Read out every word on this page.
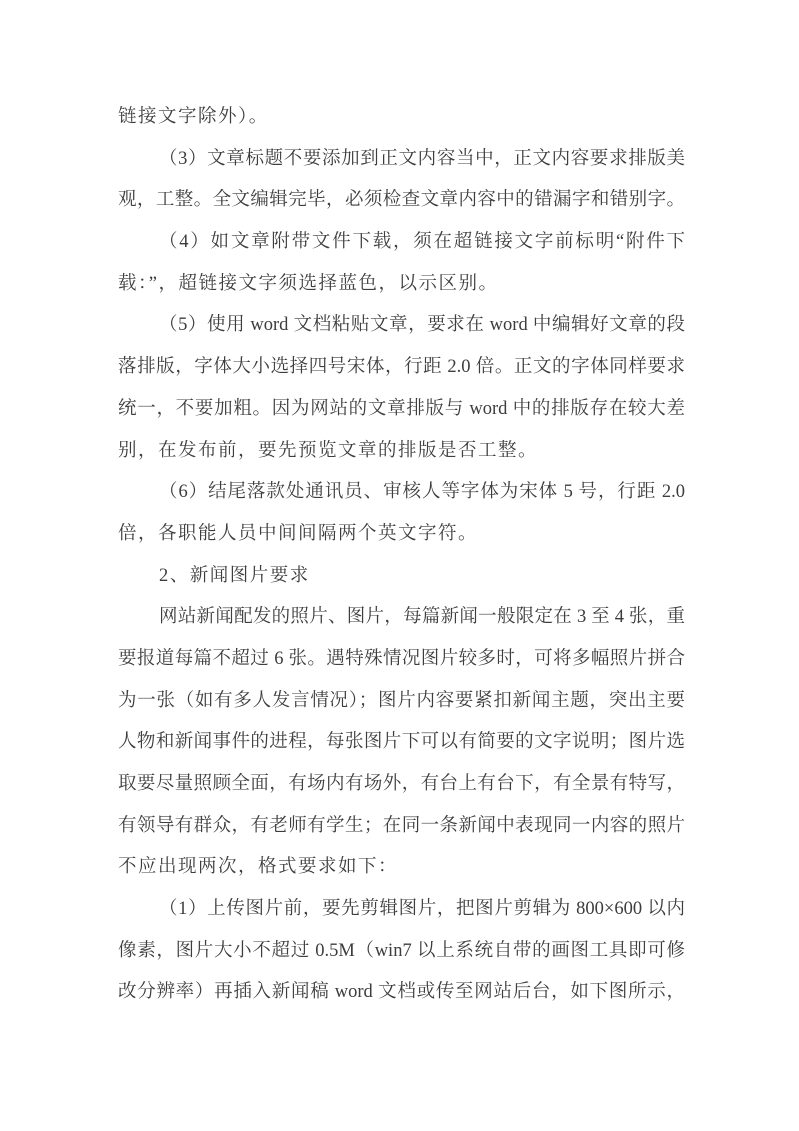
链接文字除外）。
（3）文章标题不要添加到正文内容当中，正文内容要求排版美
观，工整。全文编辑完毕，必须检查文章内容中的错漏字和错别字。
（4）如文章附带文件下载，须在超链接文字前标明“附件下
载：”，超链接文字须选择蓝色，以示区别。
（5）使用 word 文档粘贴文章，要求在 word 中编辑好文章的段
落排版，字体大小选择四号宋体，行距 2.0 倍。正文的字体同样要求
统一，不要加粗。因为网站的文章排版与 word 中的排版存在较大差
别，在发布前，要先预览文章的排版是否工整。
（6）结尾落款处通讯员、审核人等字体为宋体 5 号，行距 2.0
倍，各职能人员中间间隔两个英文字符。
2、新闻图片要求
网站新闻配发的照片、图片，每篇新闻一般限定在 3 至 4 张，重
要报道每篇不超过 6 张。遇特殊情况图片较多时，可将多幅照片拼合
为一张（如有多人发言情况）；图片内容要紧扣新闻主题，突出主要
人物和新闻事件的进程，每张图片下可以有简要的文字说明；图片选
取要尽量照顾全面，有场内有场外，有台上有台下，有全景有特写，
有领导有群众，有老师有学生；在同一条新闻中表现同一内容的照片
不应出现两次，格式要求如下：
（1）上传图片前，要先剪辑图片，把图片剪辑为 800×600 以内
像素，图片大小不超过 0.5M（win7 以上系统自带的画图工具即可修
改分辨率）再插入新闻稿 word 文档或传至网站后台，如下图所示，
